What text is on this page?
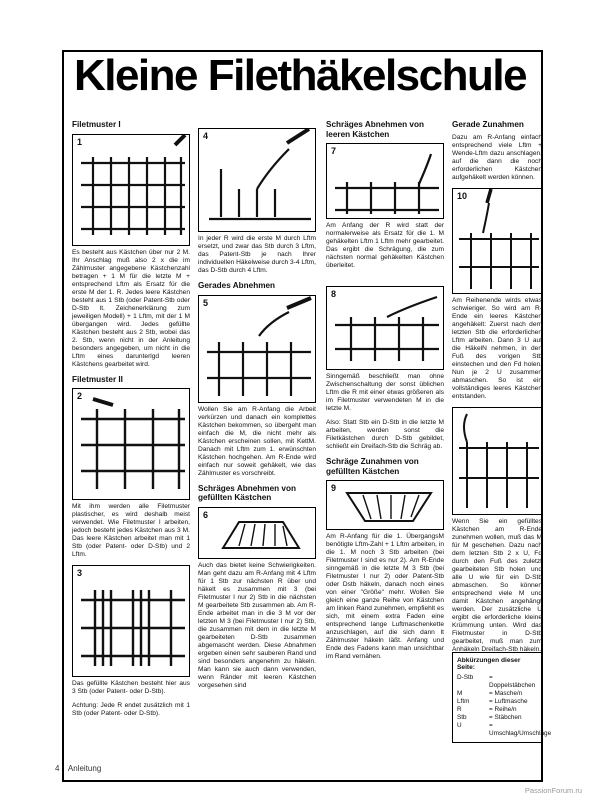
Kleine Filethäkelschule
Filetmuster I
1
Es besteht aus Kästchen über nur 2 M. Ihr Anschlag muß also 2 x die im Zählmuster angegebene Kästchenzahl betragen + 1 M für die letzte M + entsprechend Lftm als Ersatz für die erste M der 1. R. Jedes leere Kästchen besteht aus 1 Stb (oder Patent-Stb oder D-Stb lt. Zeichenerklärung zum jeweiligen Modell) + 1 Lftm, mit der 1 M übergangen wird. Jedes gefüllte Kästchen besteht aus 2 Stb, wobei das 2. Stb, wenn nicht in der Anleitung besonders angegeben, um nicht in die Lftm eines darunterlgd leeren Kästchens gearbeitet wird.
Filetmuster II
2
Mit ihm werden alle Filetmuster plastischer, es wird deshalb meist verwendet. Wie Filetmuster I arbeiten, jedoch besteht jedes Kästchen aus 3 M. Das leere Kästchen arbeitet man mit 1 Stb (oder Patent- oder D-Stb) und 2 Lftm.
3
Das gefüllte Kästchen besteht hier aus 3 Stb (oder Patent- oder D-Stb).
Achtung: Jede R endet zusätzlich mit 1 Stb (oder Patent- oder D-Stb).
4
In jeder R wird die erste M durch Lftm ersetzt, und zwar das Stb durch 3 Lftm, das Patent-Stb je nach Ihrer individuellen Häkelweise durch 3-4 Lftm, das D-Stb durch 4 Lftm.
Gerades Abnehmen
5
Wollen Sie am R-Anfang die Arbeit verkürzen und danach ein komplettes Kästchen bekommen, so übergeht man einfach die M, die nicht mehr als Kästchen erscheinen sollen, mit KettM. Danach mit Lftm zum 1. erwünschten Kästchen hochgehen. Am R-Ende wird einfach nur soweit gehäkelt, wie das Zählmuster es vorschreibt.
Schräges Abnehmen von gefüllten Kästchen
6
Auch das bietet keine Schwierigkeiten. Man geht dazu am R-Anfang mit 4 Lftm für 1 Stb zur nächsten R über und häkelt es zusammen mit 3 (bei Filetmuster I nur 2) Stb in die nächsten M gearbeitete Stb zusammen ab. Am R-Ende arbeitet man in die 3 M vor der letzten M 3 (bei Filetmuster I nur 2) Stb, die zusammen mit dem in die letzte M gearbeiteten D-Stb zusammen abgemascht werden. Diese Abnahmen ergeben einen sehr sauberen Rand und sind besonders angenehm zu häkeln. Man kann sie auch dann verwenden, wenn Ränder mit leeren Kästchen vorgesehen sind
Schräges Abnehmen von leeren Kästchen
7
Am Anfang der R wird statt der normalerweise als Ersatz für die 1. M gehäkelten Lftm 1 Lftm mehr gearbeitet. Das ergibt die Schrägung, die zum nächsten normal gehäkelten Kästchen überleitet.
8
Sinngemäß beschließt man ohne Zwischenschaltung der sonst üblichen Lftm die R mit einer etwas größeren als im Filetmuster verwendeten M in die letzte M.
Also: Statt Stb ein D-Stb in die letzte M arbeiten, werden sonst die Filetkästchen durch D-Stb gebildet, schließt ein Dreifach-Stb die Schräg ab.
Schräge Zunahmen von gefüllten Kästchen
9
Am R-Anfang für die 1. ÜbergangsM benötigte Lftm-Zahl + 1 Lftm arbeiten, in die 1. M noch 3 Stb arbeiten (bei Filetmuster I sind es nur 2). Am R-Ende sinngemäß in die letzte M 3 Stb (bei Filetmuster I nur 2) oder Patent-Stb oder Dstb häkeln, danach noch eines von einer "Größe" mehr. Wollen Sie gleich eine ganze Reihe von Kästchen am linken Rand zunehmen, empfiehlt es sich, mit einem extra Faden eine entsprechend lange Luftmaschenkette anzuschlagen, auf die sich dann It Zählmuster häkeln läßt. Anfang und Ende des Fadens kann man unsichtbar im Rand vernähen.
Gerade Zunahmen
Dazu am R-Anfang einfach entsprechend viele Lftm + Wende-Lftm dazu anschlagen, auf die dann die noch erforderlichen Kästchen aufgehäkelt werden können.
10
Am Reihenende wirds etwas schwieriger. So wird am R-Ende ein leeres Kästchen angehäkelt: Zuerst nach dem letzten Stb die erforderlichen Lftm arbeiten. Dann 3 U auf die HäkelN nehmen, in den Fuß des vorigen Stb einstechen und den Fd holen. Nun je 2 U zusammen abmaschen. So ist ein vollständiges leeres Kästchen entstanden.
Wenn Sie ein gefülltes Kästchen am R-Ende zunehmen wollen, muß das M für M geschehen. Dazu nach dem letzten Stb 2 x U, Fd durch den Fuß des zuletzt gearbeiteten Stb holen und alle U wie für ein D-Stb abmaschen. So können entsprechend viele M und damit Kästchen angehängt werden. Der zusätzliche U ergibt die erforderliche kleine Krümmung unten. Wird das Filetmuster in D-Stb gearbeitet, muß man zum Anhäkeln Dreifach-Stb häkeln.
Abkürzungen dieser Seite:
D-Stb	= Doppelstäbchen
M	= Masche/n
Lftm	= Luftmasche
R	= Reihe/n
Stb	= Stäbchen
U	= Umschlag/Umschläge
4 Anleitung
PassionForum.ru
